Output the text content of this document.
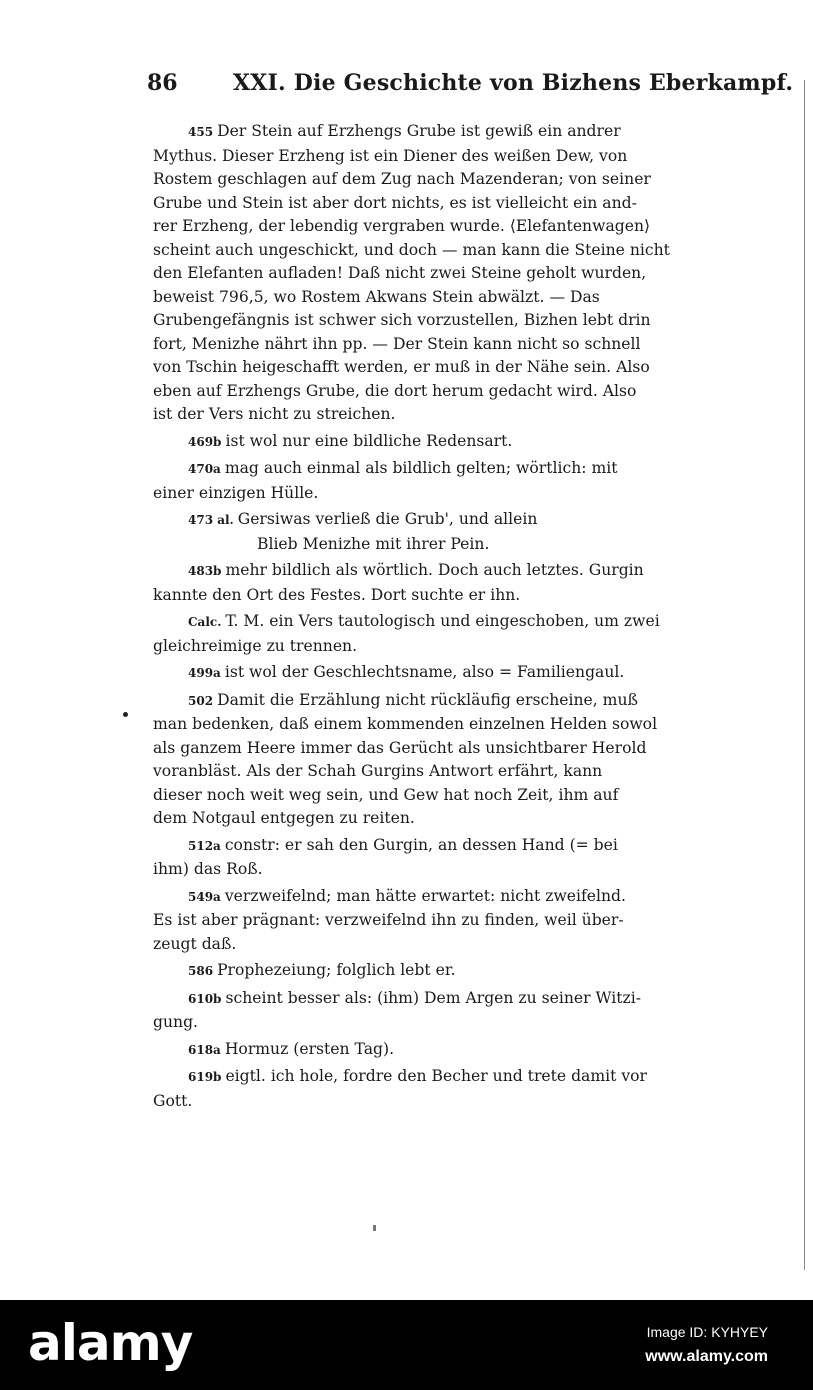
86	XXI. Die Geschichte von Bizhens Eberkampf.
455 Der Stein auf Erzhengs Grube ist gewiß ein andrer
Mythus. Dieser Erzheng ist ein Diener des weißen Dew, von
Rostem geschlagen auf dem Zug nach Mazenderan; von seiner
Grube und Stein ist aber dort nichts, es ist vielleicht ein and-
rer Erzheng, der lebendig vergraben wurde. ⟨Elefantenwagen⟩
scheint auch ungeschickt, und doch — man kann die Steine nicht
den Elefanten aufladen! Daß nicht zwei Steine geholt wurden,
beweist 796,5, wo Rostem Akwans Stein abwälzt. — Das
Grubengefängnis ist schwer sich vorzustellen, Bizhen lebt drin
fort, Menizhe nährt ihn pp. — Der Stein kann nicht so schnell
von Tschin heigeschafft werden, er muß in der Nähe sein. Also
eben auf Erzhengs Grube, die dort herum gedacht wird. Also
ist der Vers nicht zu streichen.
469b ist wol nur eine bildliche Redensart.
470a mag auch einmal als bildlich gelten; wörtlich: mit
einer einzigen Hülle.
473 al. Gersiwas verließ die Grub', und allein
Blieb Menizhe mit ihrer Pein.
483b mehr bildlich als wörtlich. Doch auch letztes. Gurgin
kannte den Ort des Festes. Dort suchte er ihn.
Calc. T. M. ein Vers tautologisch und eingeschoben, um zwei
gleichreimige zu trennen.
499a ist wol der Geschlechtsname, also = Familiengaul.
502 Damit die Erzählung nicht rückläufig erscheine, muß
man bedenken, daß einem kommenden einzelnen Helden sowol
als ganzem Heere immer das Gerücht als unsichtbarer Herold
voranbläst. Als der Schah Gurgins Antwort erfährt, kann
dieser noch weit weg sein, und Gew hat noch Zeit, ihm auf
dem Notgaul entgegen zu reiten.
512a constr: er sah den Gurgin, an dessen Hand (= bei
ihm) das Roß.
549a verzweifelnd; man hätte erwartet: nicht zweifelnd.
Es ist aber prägnant: verzweifelnd ihn zu finden, weil über-
zeugt daß.
586 Prophezeiung; folglich lebt er.
610b scheint besser als: (ihm) Dem Argen zu seiner Witzi-
gung.
618a Hormuz (ersten Tag).
619b eigtl. ich hole, fordre den Becher und trete damit vor
Gott.
alamy	Image ID: KYHYEY
www.alamy.com
